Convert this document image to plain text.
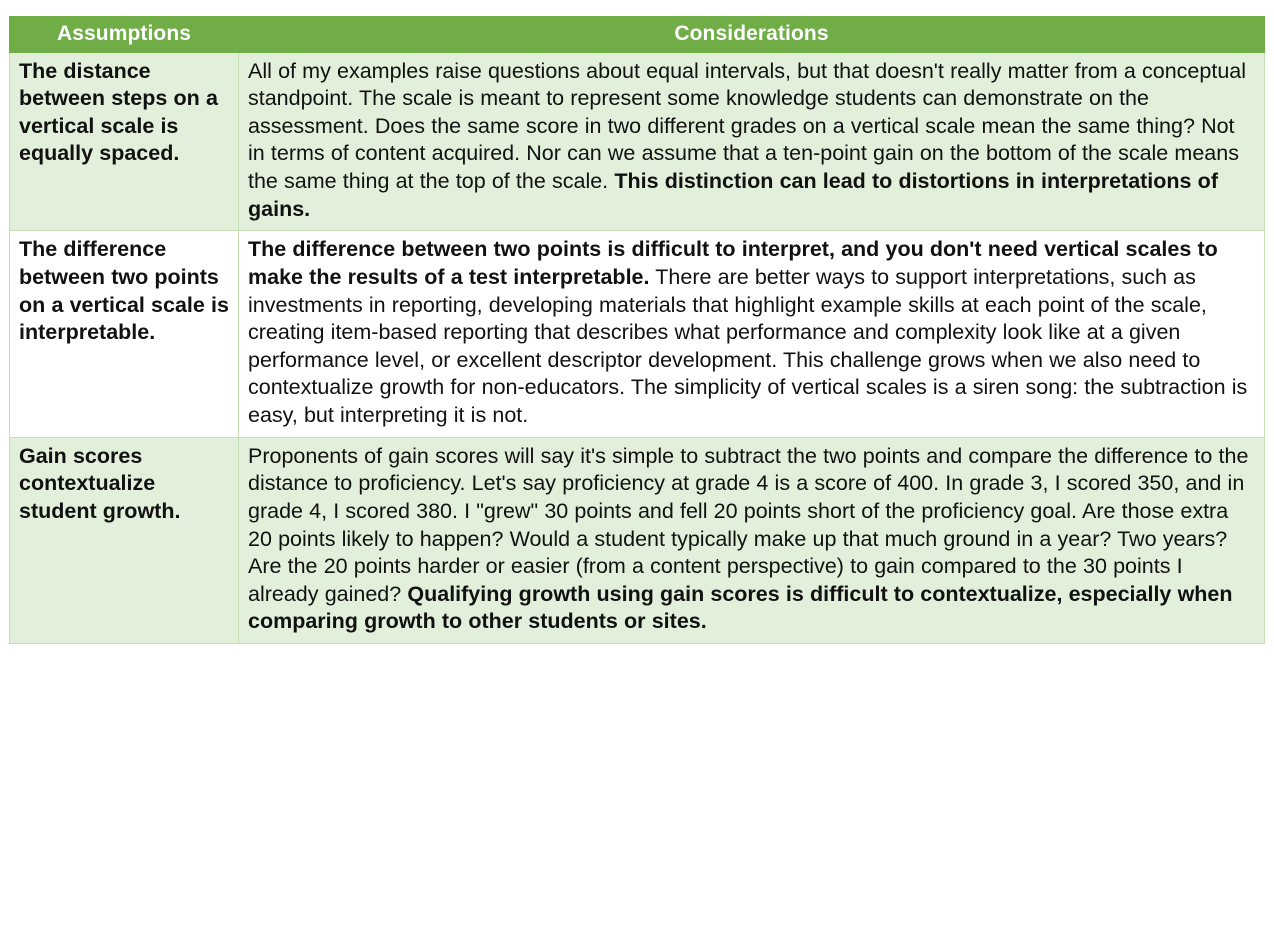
Assumptions	Considerations
The distance between steps on a vertical scale is equally spaced.	All of my examples raise questions about equal intervals, but that doesn't really matter from a conceptual standpoint. The scale is meant to represent some knowledge students can demonstrate on the assessment. Does the same score in two different grades on a vertical scale mean the same thing? Not in terms of content acquired. Nor can we assume that a ten-point gain on the bottom of the scale means the same thing at the top of the scale. This distinction can lead to distortions in interpretations of gains.
The difference between two points on a vertical scale is interpretable.	The difference between two points is difficult to interpret, and you don't need vertical scales to make the results of a test interpretable. There are better ways to support interpretations, such as investments in reporting, developing materials that highlight example skills at each point of the scale, creating item-based reporting that describes what performance and complexity look like at a given performance level, or excellent descriptor development. This challenge grows when we also need to contextualize growth for non-educators. The simplicity of vertical scales is a siren song: the subtraction is easy, but interpreting it is not.
Gain scores contextualize student growth.	Proponents of gain scores will say it's simple to subtract the two points and compare the difference to the distance to proficiency. Let's say proficiency at grade 4 is a score of 400. In grade 3, I scored 350, and in grade 4, I scored 380. I "grew" 30 points and fell 20 points short of the proficiency goal. Are those extra 20 points likely to happen? Would a student typically make up that much ground in a year? Two years? Are the 20 points harder or easier (from a content perspective) to gain compared to the 30 points I already gained? Qualifying growth using gain scores is difficult to contextualize, especially when comparing growth to other students or sites.
